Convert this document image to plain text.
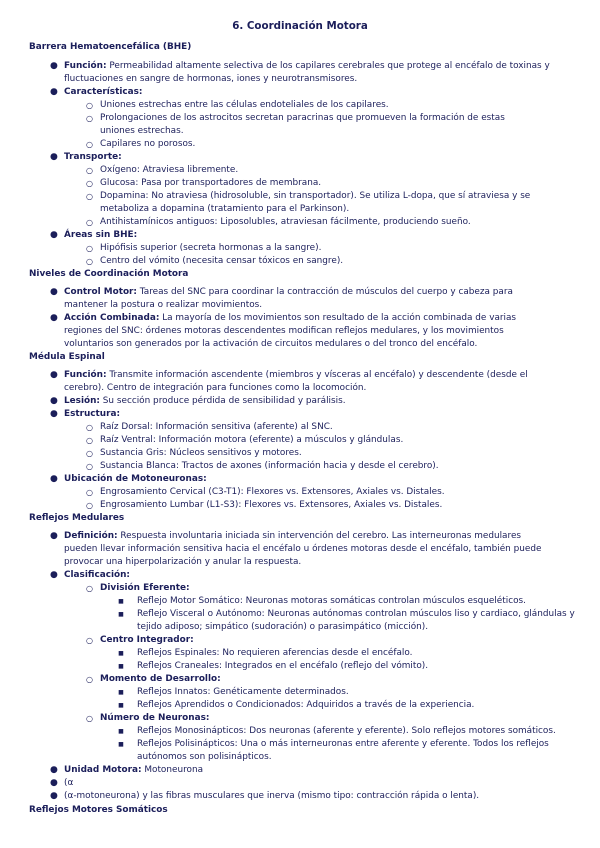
6. Coordinación Motora
Barrera Hematoencefálica (BHE)
● Función: Permeabilidad altamente selectiva de los capilares cerebrales que protege al encéfalo de toxinas y fluctuaciones en sangre de hormonas, iones y neurotransmisores.
● Características:
○ Uniones estrechas entre las células endoteliales de los capilares.
○ Prolongaciones de los astrocitos secretan paracrinas que promueven la formación de estas uniones estrechas.
○ Capilares no porosos.
● Transporte:
○ Oxígeno: Atraviesa libremente.
○ Glucosa: Pasa por transportadores de membrana.
○ Dopamina: No atraviesa (hidrosoluble, sin transportador). Se utiliza L-dopa, que sí atraviesa y se metaboliza a dopamina (tratamiento para el Parkinson).
○ Antihistamínicos antiguos: Liposolubles, atraviesan fácilmente, produciendo sueño.
● Áreas sin BHE:
○ Hipófisis superior (secreta hormonas a la sangre).
○ Centro del vómito (necesita censar tóxicos en sangre).
Niveles de Coordinación Motora
● Control Motor: Tareas del SNC para coordinar la contracción de músculos del cuerpo y cabeza para mantener la postura o realizar movimientos.
● Acción Combinada: La mayoría de los movimientos son resultado de la acción combinada de varias regiones del SNC: órdenes motoras descendentes modifican reflejos medulares, y los movimientos voluntarios son generados por la activación de circuitos medulares o del tronco del encéfalo.
Médula Espinal
● Función: Transmite información ascendente (miembros y vísceras al encéfalo) y descendente (desde el cerebro). Centro de integración para funciones como la locomoción.
● Lesión: Su sección produce pérdida de sensibilidad y parálisis.
● Estructura:
○ Raíz Dorsal: Información sensitiva (aferente) al SNC.
○ Raíz Ventral: Información motora (eferente) a músculos y glándulas.
○ Sustancia Gris: Núcleos sensitivos y motores.
○ Sustancia Blanca: Tractos de axones (información hacia y desde el cerebro).
● Ubicación de Motoneuronas:
○ Engrosamiento Cervical (C3-T1): Flexores vs. Extensores, Axiales vs. Distales.
○ Engrosamiento Lumbar (L1-S3): Flexores vs. Extensores, Axiales vs. Distales.
Reflejos Medulares
● Definición: Respuesta involuntaria iniciada sin intervención del cerebro. Las interneuronas medulares pueden llevar información sensitiva hacia el encéfalo u órdenes motoras desde el encéfalo, también puede provocar una hiperpolarización y anular la respuesta.
● Clasificación:
○ División Eferente:
■ Reflejo Motor Somático: Neuronas motoras somáticas controlan músculos esqueléticos.
■ Reflejo Visceral o Autónomo: Neuronas autónomas controlan músculos liso y cardiaco, glándulas y tejido adiposo; simpático (sudoración) o parasimpático (micción).
○ Centro Integrador:
■ Reflejos Espinales: No requieren aferencias desde el encéfalo.
■ Reflejos Craneales: Integrados en el encéfalo (reflejo del vómito).
○ Momento de Desarrollo:
■ Reflejos Innatos: Genéticamente determinados.
■ Reflejos Aprendidos o Condicionados: Adquiridos a través de la experiencia.
○ Número de Neuronas:
■ Reflejos Monosinápticos: Dos neuronas (aferente y eferente). Solo reflejos motores somáticos.
■ Reflejos Polisinápticos: Una o más interneuronas entre aferente y eferente. Todos los reflejos autónomos son polisinápticos.
● Unidad Motora: Motoneurona
● (α
● (α-motoneurona) y las fibras musculares que inerva (mismo tipo: contracción rápida o lenta).
Reflejos Motores Somáticos
